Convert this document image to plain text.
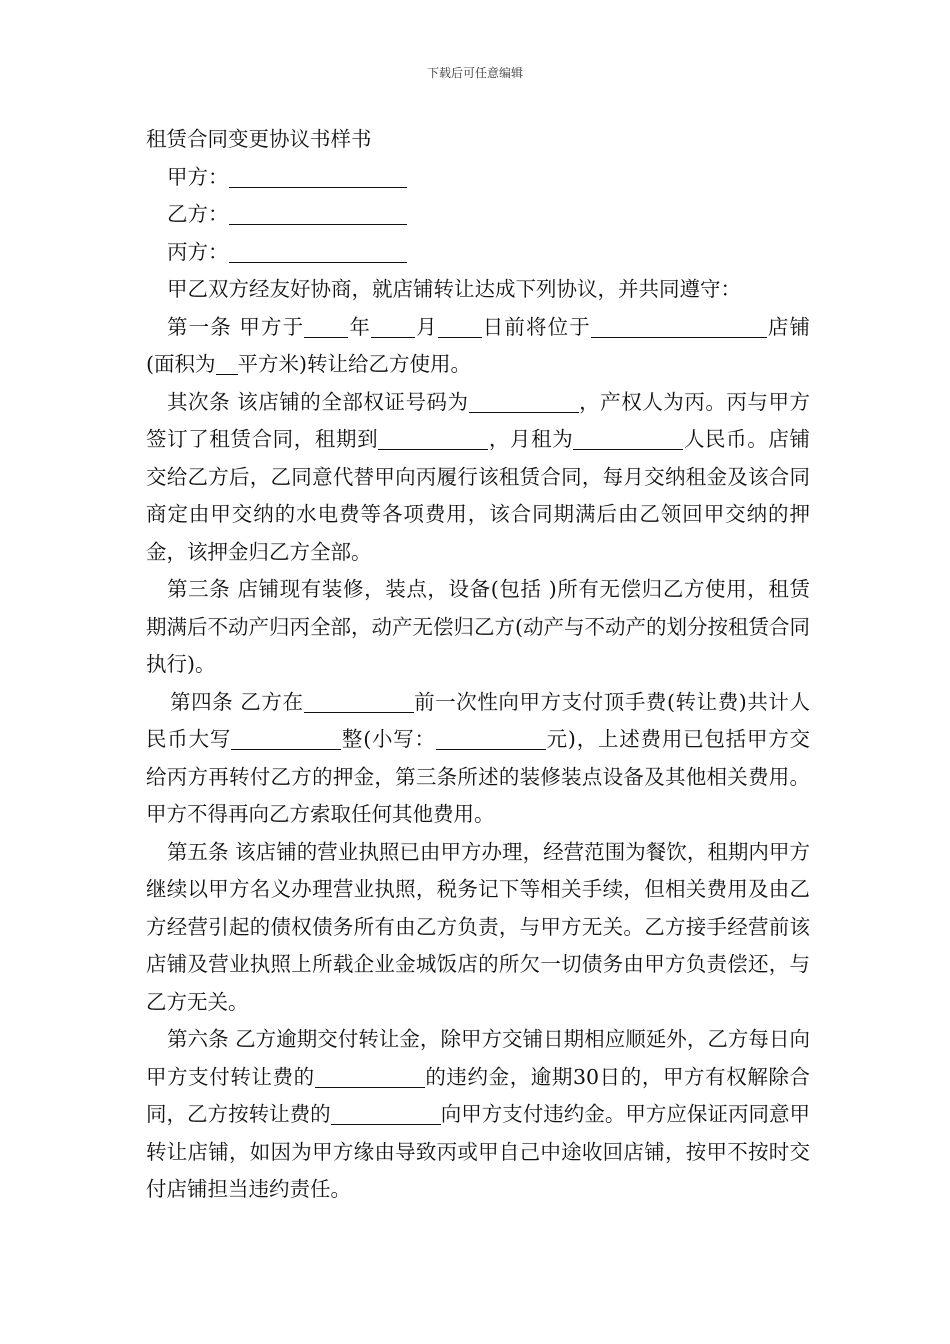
下载后可任意编辑
租赁合同变更协议书样书

甲方：

乙方：

丙方：

甲乙双方经友好协商，就店铺转让达成下列协议，并共同遵守：

第一条 甲方于 年 月 日前将位于	店铺(面积为 平方米)转让给乙方使用。

其次条 该店铺的全部权证号码为	，产权人为丙。丙与甲方签订了租赁合同，租期到	，月租为	人民币。店铺交给乙方后，乙同意代替甲向丙履行该租赁合同，每月交纳租金及该合同商定由甲交纳的水电费等各项费用，该合同期满后由乙领回甲交纳的押金，该押金归乙方全部。

第三条 店铺现有装修，装点，设备(包括 )所有无偿归乙方使用，租赁期满后不动产归丙全部，动产无偿归乙方(动产与不动产的划分按租赁合同执行)。

第四条 乙方在	前一次性向甲方支付顶手费(转让费)共计人民币大写	整(小写：	元)，上述费用已包括甲方交给丙方再转付乙方的押金，第三条所述的装修装点设备及其他相关费用。甲方不得再向乙方索取任何其他费用。

第五条 该店铺的营业执照已由甲方办理，经营范围为餐饮，租期内甲方继续以甲方名义办理营业执照，税务记下等相关手续，但相关费用及由乙方经营引起的债权债务所有由乙方负责，与甲方无关。乙方接手经营前该店铺及营业执照上所载企业金城饭店的所欠一切债务由甲方负责偿还，与乙方无关。

第六条 乙方逾期交付转让金，除甲方交铺日期相应顺延外，乙方每日向甲方支付转让费的	的违约金，逾期30日的，甲方有权解除合同，乙方按转让费的	向甲方支付违约金。甲方应保证丙同意甲转让店铺，如因为甲方缘由导致丙或甲自己中途收回店铺，按甲不按时交付店铺担当违约责任。
